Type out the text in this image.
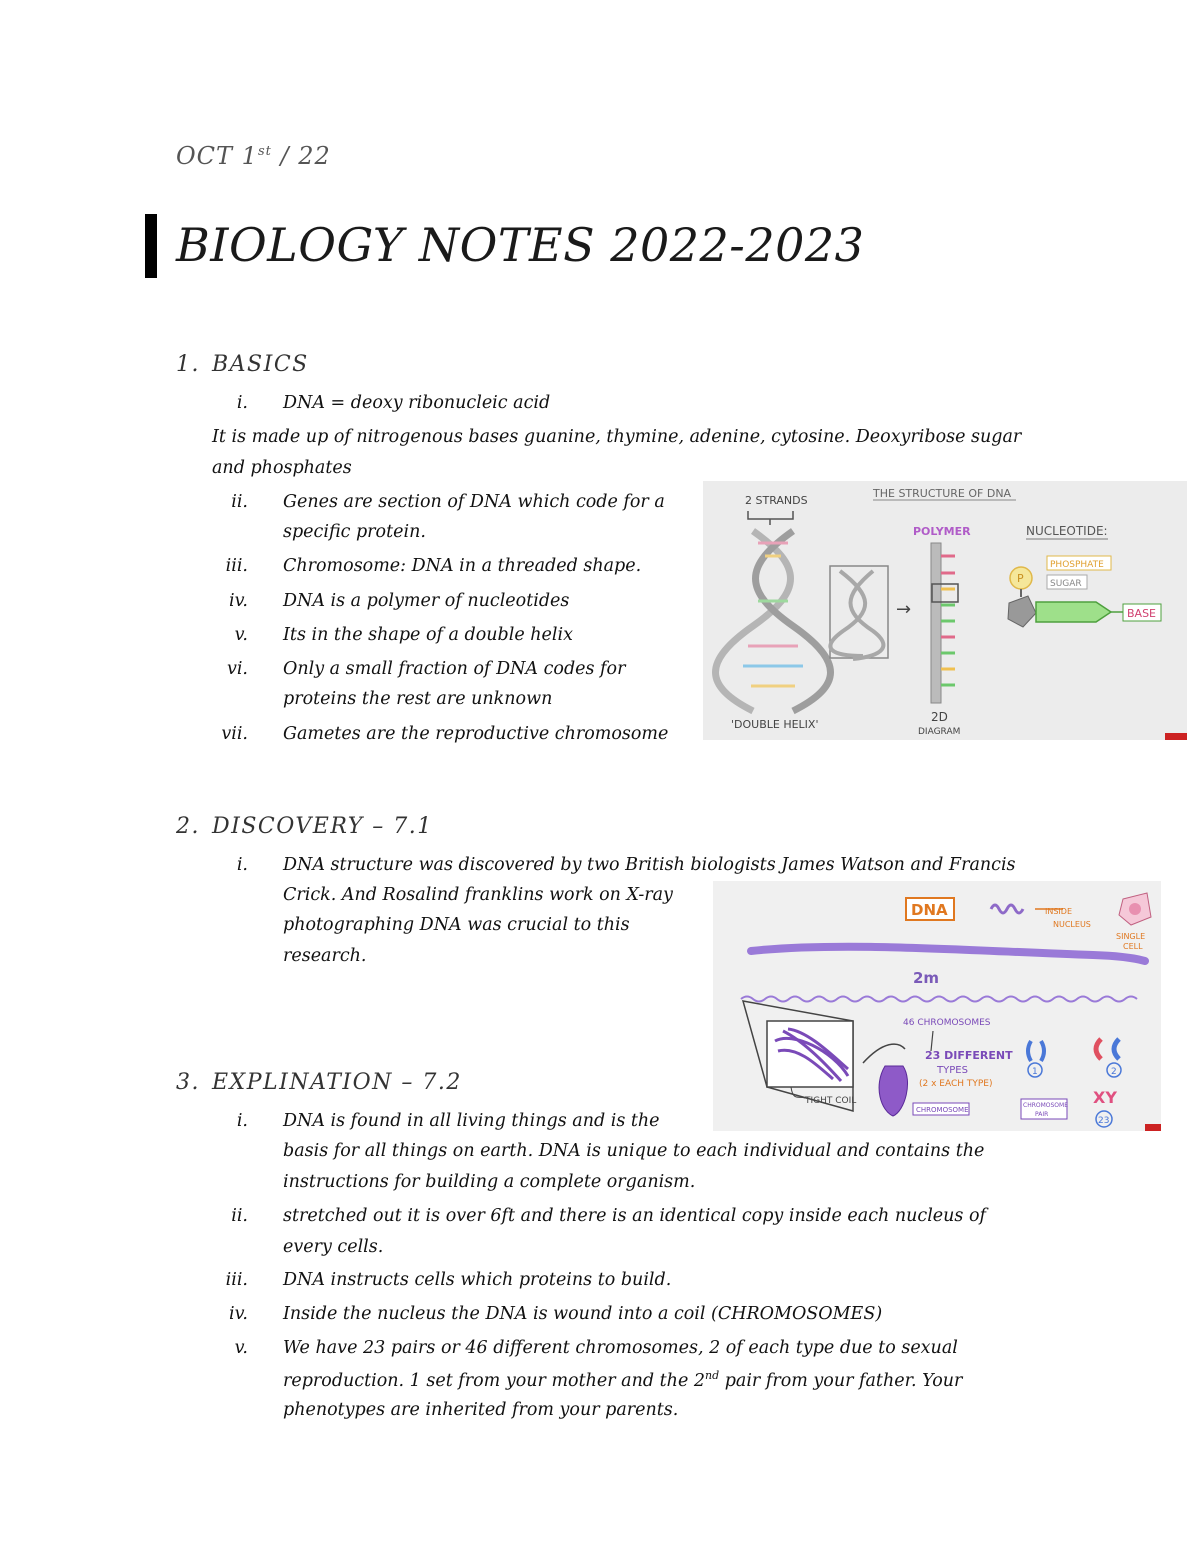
OCT 1st / 22
BIOLOGY NOTES 2022-2023
1. BASICS
i. DNA = deoxy ribonucleic acid
It is made up of nitrogenous bases guanine, thymine, adenine, cytosine. Deoxyribose sugar
and phosphates
ii. Genes are section of DNA which code for a
specific protein.
iii. Chromosome: DNA in a threaded shape.
iv. DNA is a polymer of nucleotides
v. Its in the shape of a double helix
vi. Only a small fraction of DNA codes for
proteins the rest are unknown
vii. Gametes are the reproductive chromosome
2 STRANDS
'DOUBLE HELIX'
→
POLYMER
2D
DIAGRAM
THE STRUCTURE OF DNA
NUCLEOTIDE:
P
PHOSPHATE
SUGAR
BASE
2. DISCOVERY – 7.1
i. DNA structure was discovered by two British biologists James Watson and Francis
Crick. And Rosalind franklins work on X-ray
photographing DNA was crucial to this
research.
DNA	INSIDE
NUCLEUS
SINGLE
CELL
2m
TIGHT COIL
46 CHROMOSOMES
23 DIFFERENT
TYPES
(2 x EACH TYPE)
CHROMOSOME
1	2
CHROMOSOME
PAIR
XY
23
3. EXPLINATION – 7.2
i. DNA is found in all living things and is the
basis for all things on earth. DNA is unique to each individual and contains the
instructions for building a complete organism.
ii. stretched out it is over 6ft and there is an identical copy inside each nucleus of
every cells.
iii. DNA instructs cells which proteins to build.
iv. Inside the nucleus the DNA is wound into a coil (CHROMOSOMES)
v. We have 23 pairs or 46 different chromosomes, 2 of each type due to sexual
reproduction. 1 set from your mother and the 2nd pair from your father. Your
phenotypes are inherited from your parents.
